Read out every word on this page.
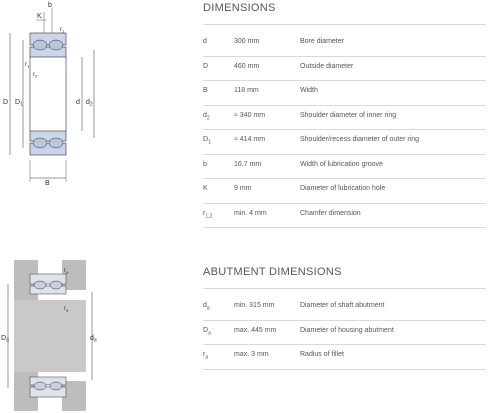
K
b
$r_1$
$r_1$
$r_2$
D $D_1$	d $d_2$
B
$r_a$
$r_a$
$D_a$	$d_a$
DIMENSIONS
d	300 mm	Bore diameter
D	460 mm	Outside diameter
B	118 mm	Width
$d_2$	≈ 340 mm	Shoulder diameter of inner ring
$D_1$	≈ 414 mm	Shoulder/recess diameter of outer ring
b	16.7 mm	Width of lubrication groove
K	9 mm	Diameter of lubrication hole
$r_{1,2}$	min. 4 mm	Chamfer dimension
ABUTMENT DIMENSIONS
$d_a$	min. 315 mm	Diameter of shaft abutment
$D_a$	max. 445 mm	Diameter of housing abutment
$r_a$	max. 3 mm	Radius of fillet
